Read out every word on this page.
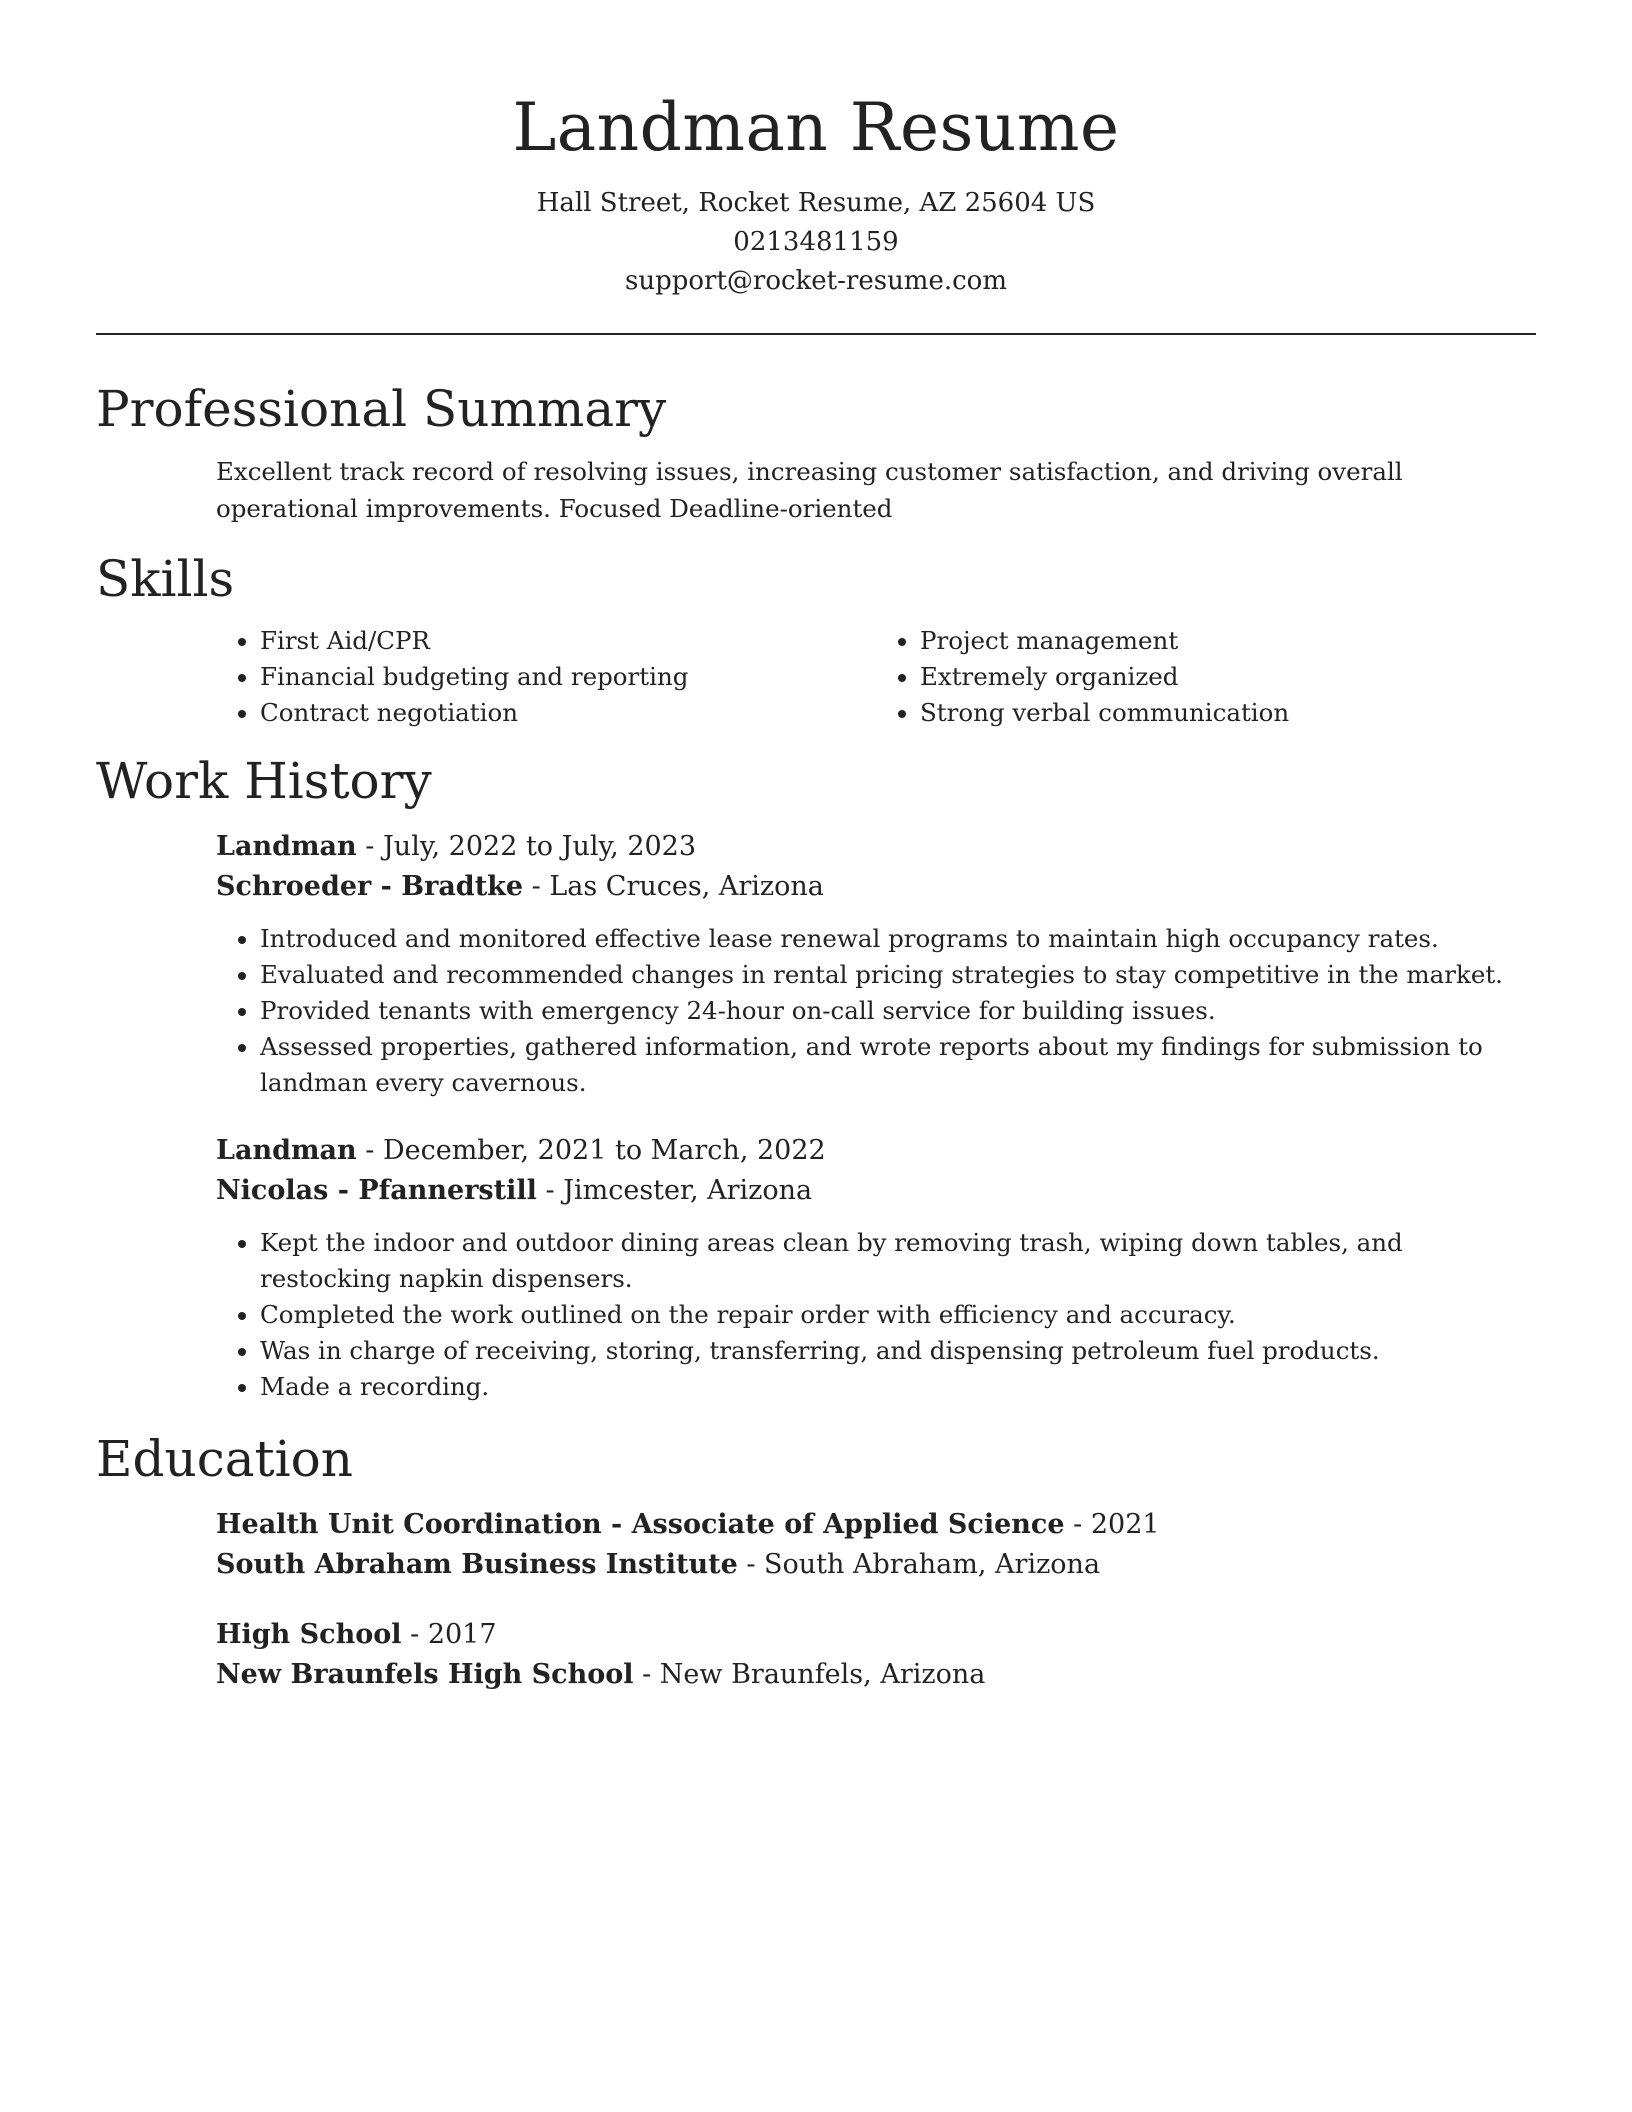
Landman Resume
Hall Street, Rocket Resume, AZ 25604 US
0213481159
support@rocket-resume.com
Professional Summary
Excellent track record of resolving issues, increasing customer satisfaction, and driving overall operational improvements. Focused Deadline-oriented
Skills
• First Aid/CPR
• Financial budgeting and reporting
• Contract negotiation
• Project management
• Extremely organized
• Strong verbal communication
Work History
Landman - July, 2022 to July, 2023
Schroeder - Bradtke - Las Cruces, Arizona
• Introduced and monitored effective lease renewal programs to maintain high occupancy rates.
• Evaluated and recommended changes in rental pricing strategies to stay competitive in the market.
• Provided tenants with emergency 24-hour on-call service for building issues.
• Assessed properties, gathered information, and wrote reports about my findings for submission to landman every cavernous.
Landman - December, 2021 to March, 2022
Nicolas - Pfannerstill - Jimcester, Arizona
• Kept the indoor and outdoor dining areas clean by removing trash, wiping down tables, and restocking napkin dispensers.
• Completed the work outlined on the repair order with efficiency and accuracy.
• Was in charge of receiving, storing, transferring, and dispensing petroleum fuel products.
• Made a recording.
Education
Health Unit Coordination - Associate of Applied Science - 2021
South Abraham Business Institute - South Abraham, Arizona
High School - 2017
New Braunfels High School - New Braunfels, Arizona
